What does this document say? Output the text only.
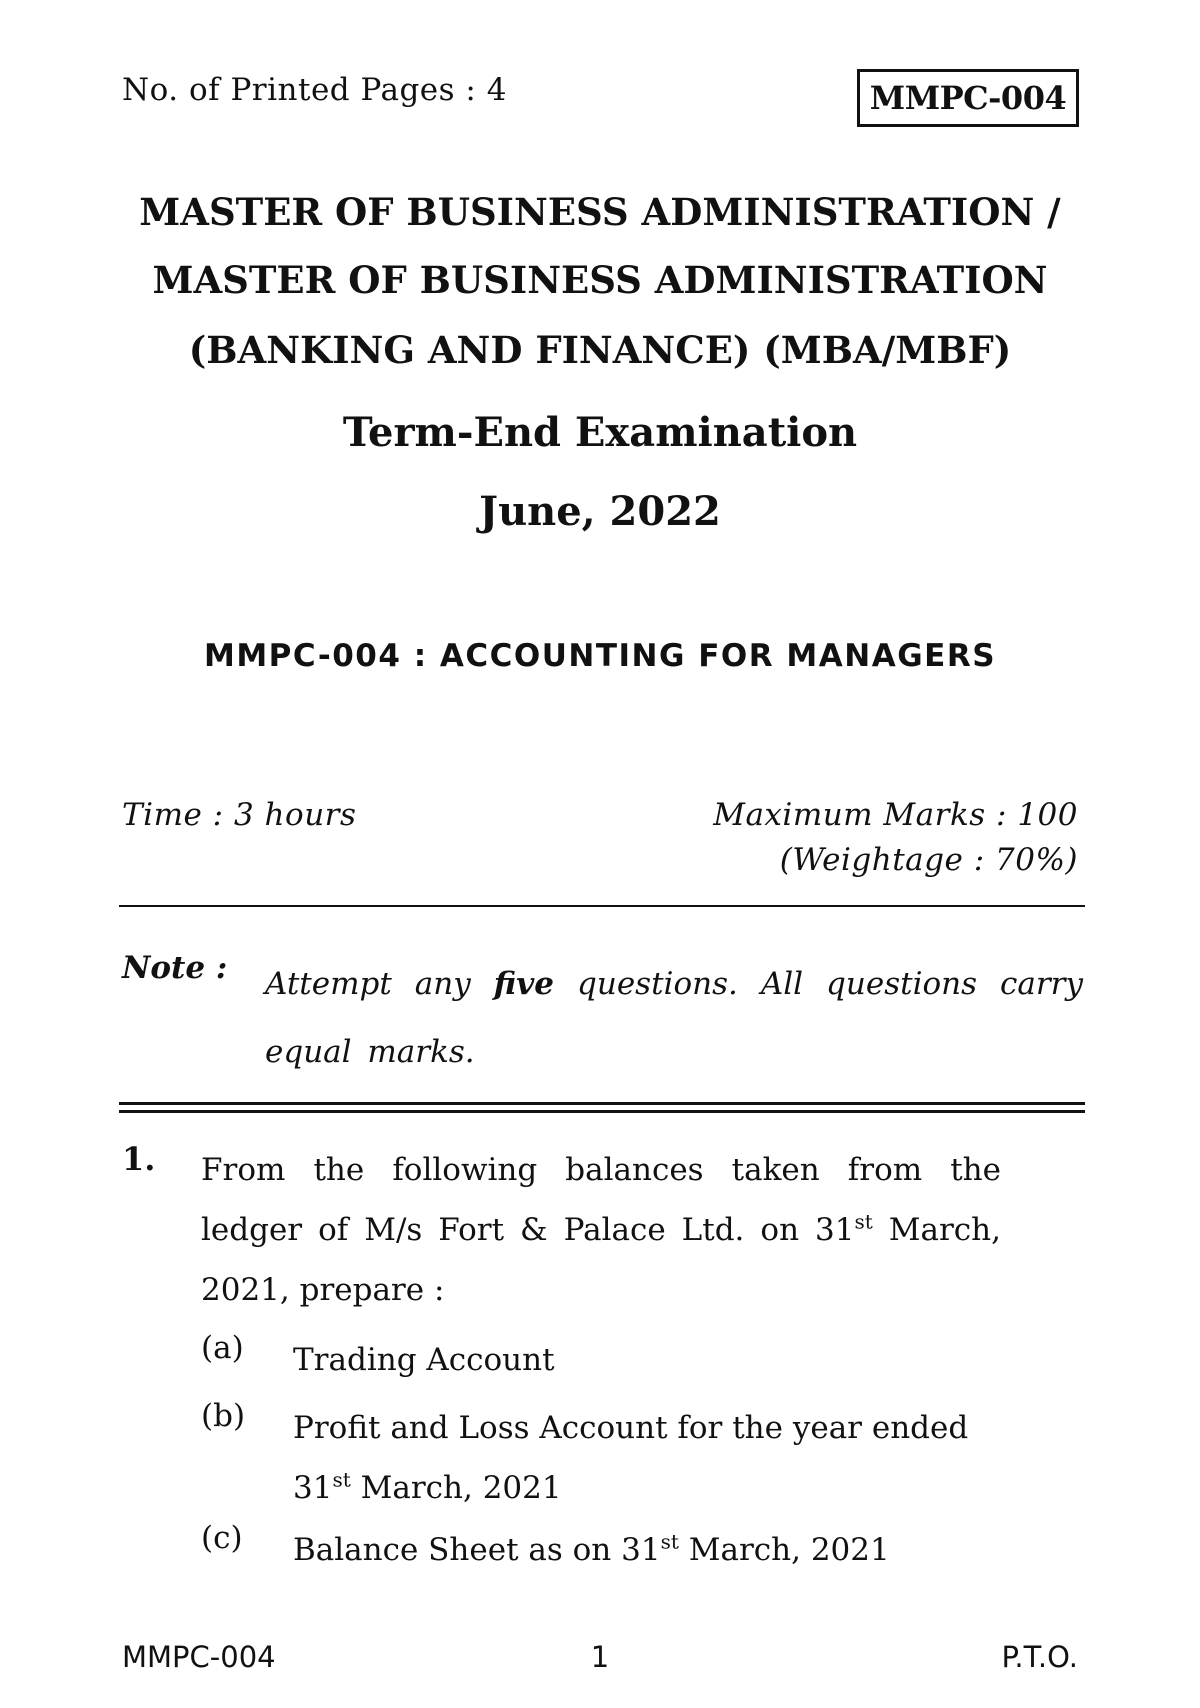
No. of Printed Pages : 4	MMPC-004
MASTER OF BUSINESS ADMINISTRATION /
MASTER OF BUSINESS ADMINISTRATION
(BANKING AND FINANCE) (MBA/MBF)
Term-End Examination
June, 2022
MMPC-004 : ACCOUNTING FOR MANAGERS
Time : 3 hours	Maximum Marks : 100
(Weightage : 70%)
Note : Attempt any five questions. All questions carry equal marks.
1. From the following balances taken from the ledger of M/s Fort & Palace Ltd. on 31st March, 2021, prepare :
(a) Trading Account
(b) Profit and Loss Account for the year ended 31st March, 2021
(c) Balance Sheet as on 31st March, 2021
MMPC-004	1	P.T.O.
